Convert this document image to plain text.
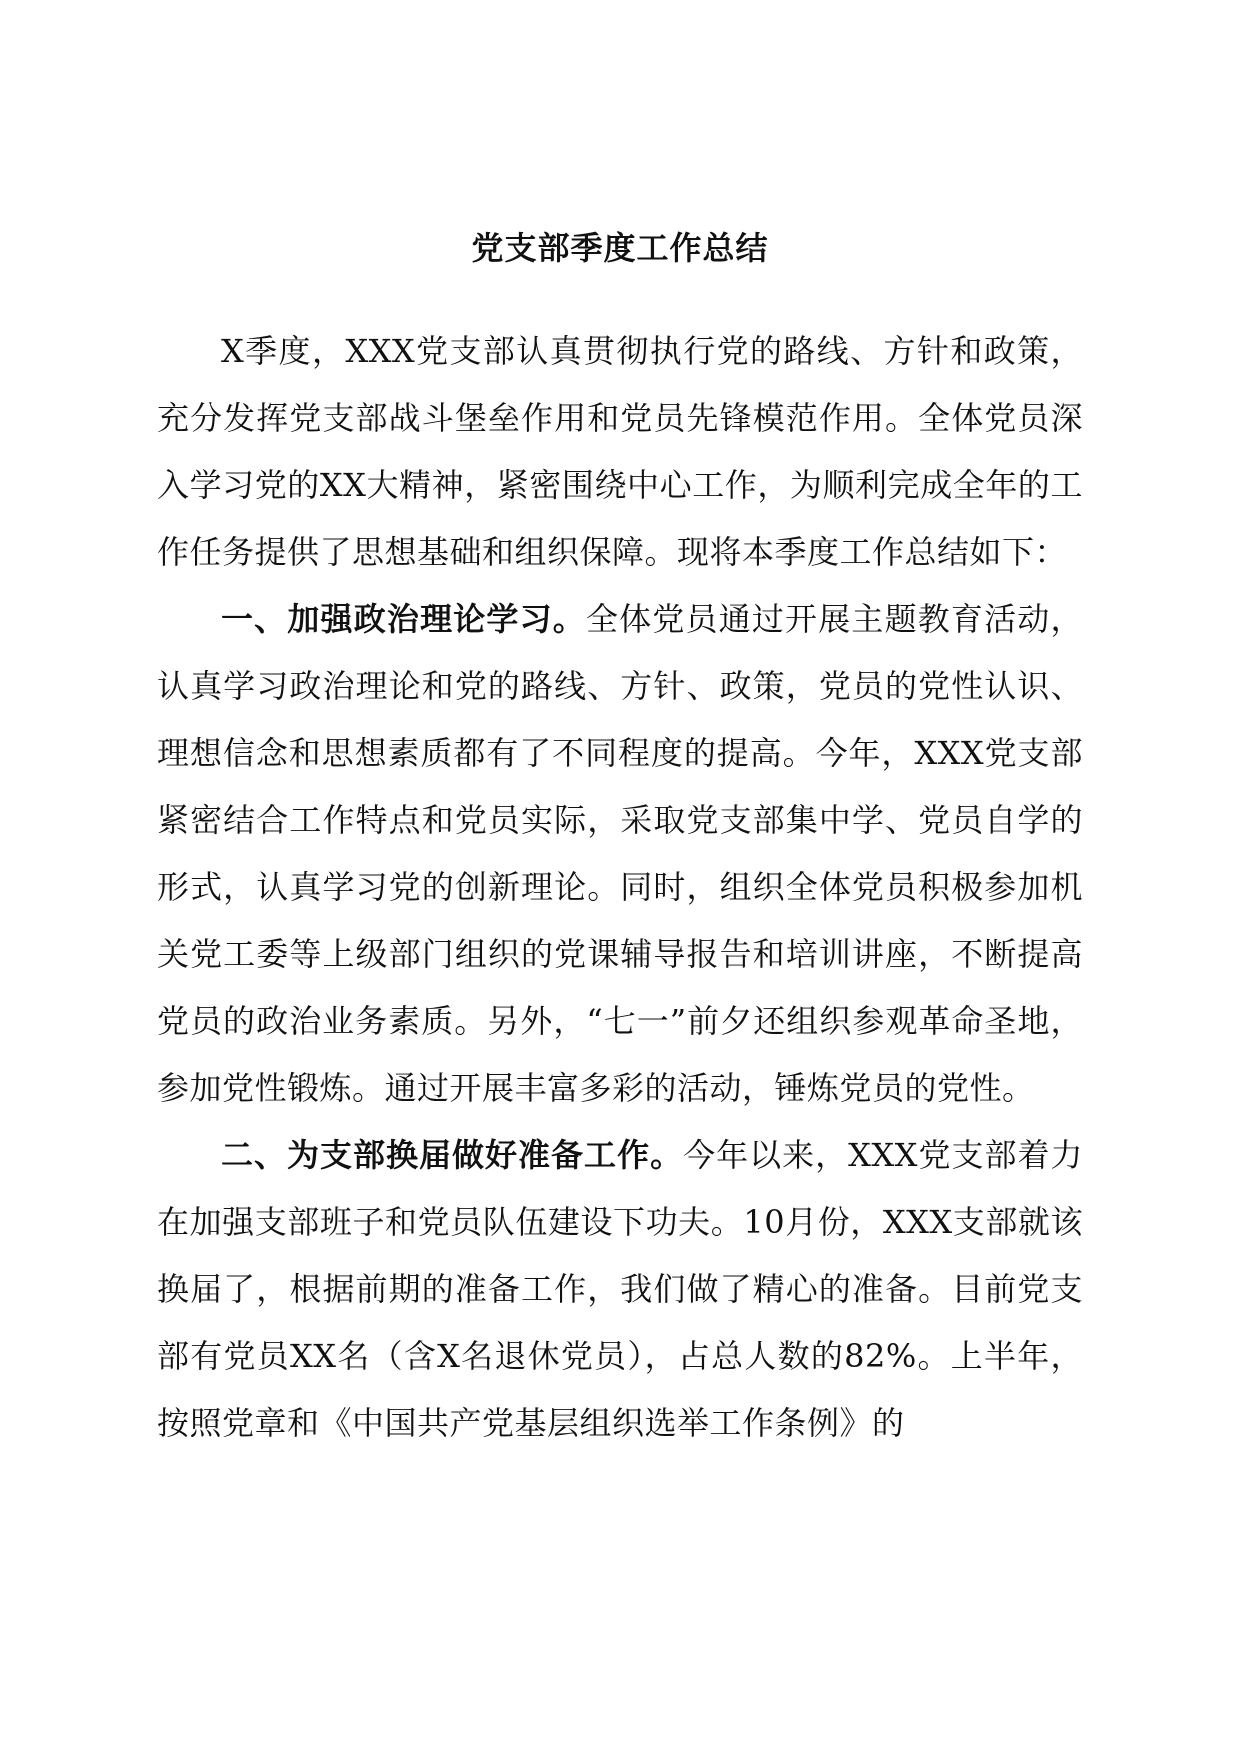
党支部季度工作总结

X季度，XXX党支部认真贯彻执行党的路线、方针和政策，充分发挥党支部战斗堡垒作用和党员先锋模范作用。全体党员深入学习党的XX大精神，紧密围绕中心工作，为顺利完成全年的工作任务提供了思想基础和组织保障。现将本季度工作总结如下：

一、加强政治理论学习。全体党员通过开展主题教育活动，认真学习政治理论和党的路线、方针、政策，党员的党性认识、理想信念和思想素质都有了不同程度的提高。今年，XXX党支部紧密结合工作特点和党员实际，采取党支部集中学、党员自学的形式，认真学习党的创新理论。同时，组织全体党员积极参加机关党工委等上级部门组织的党课辅导报告和培训讲座，不断提高党员的政治业务素质。另外，“七一”前夕还组织参观革命圣地，参加党性锻炼。通过开展丰富多彩的活动，锤炼党员的党性。

二、为支部换届做好准备工作。今年以来，XXX党支部着力在加强支部班子和党员队伍建设下功夫。10月份，XXX支部就该换届了，根据前期的准备工作，我们做了精心的准备。目前党支部有党员XX名（含X名退休党员），占总人数的82%。上半年，按照党章和《中国共产党基层组织选举工作条例》的
